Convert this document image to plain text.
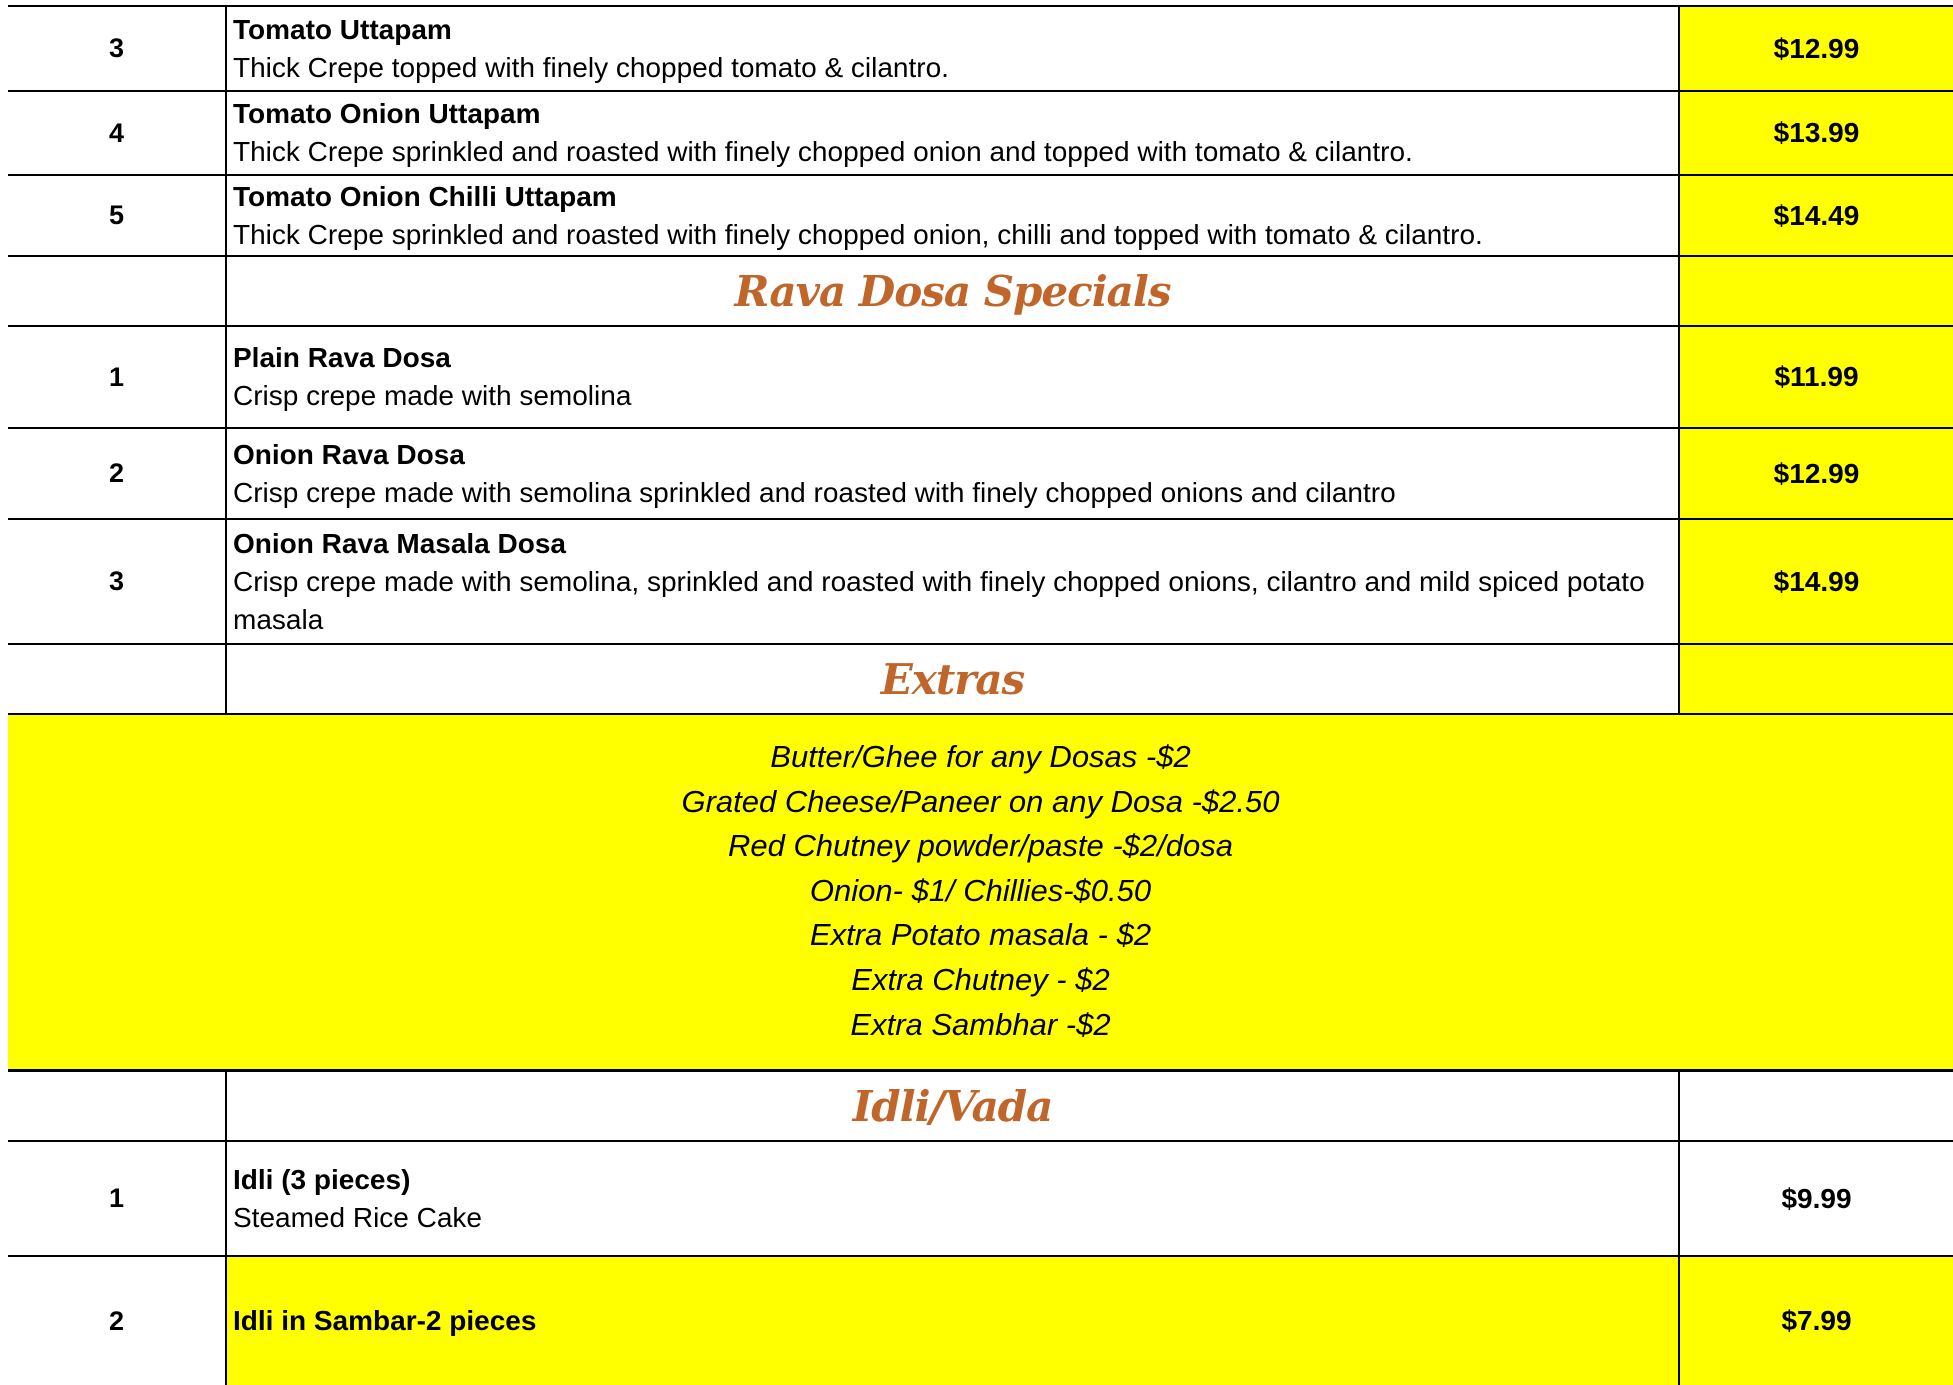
3
Tomato Uttapam
Thick Crepe topped with finely chopped tomato & cilantro.
$12.99
4
Tomato Onion Uttapam
Thick Crepe sprinkled and roasted with finely chopped onion and topped with tomato & cilantro.
$13.99
5
Tomato Onion Chilli Uttapam
Thick Crepe sprinkled and roasted with finely chopped onion, chilli and topped with tomato & cilantro.
$14.49
Rava Dosa Specials
1
Plain Rava Dosa
Crisp crepe made with semolina
$11.99
2
Onion Rava Dosa
Crisp crepe made with semolina sprinkled and roasted with finely chopped onions and cilantro
$12.99
3
Onion Rava Masala Dosa
Crisp crepe made with semolina, sprinkled and roasted with finely chopped onions, cilantro and mild spiced potato masala
$14.99
Extras
Butter/Ghee for any Dosas -$2
Grated Cheese/Paneer on any Dosa -$2.50
Red Chutney powder/paste -$2/dosa
Onion- $1/ Chillies-$0.50
Extra Potato masala - $2
Extra Chutney - $2
Extra Sambhar -$2
Idli/Vada
1
Idli (3 pieces)
Steamed Rice Cake
$9.99
2	Idli in Sambar-2 pieces	$7.99
